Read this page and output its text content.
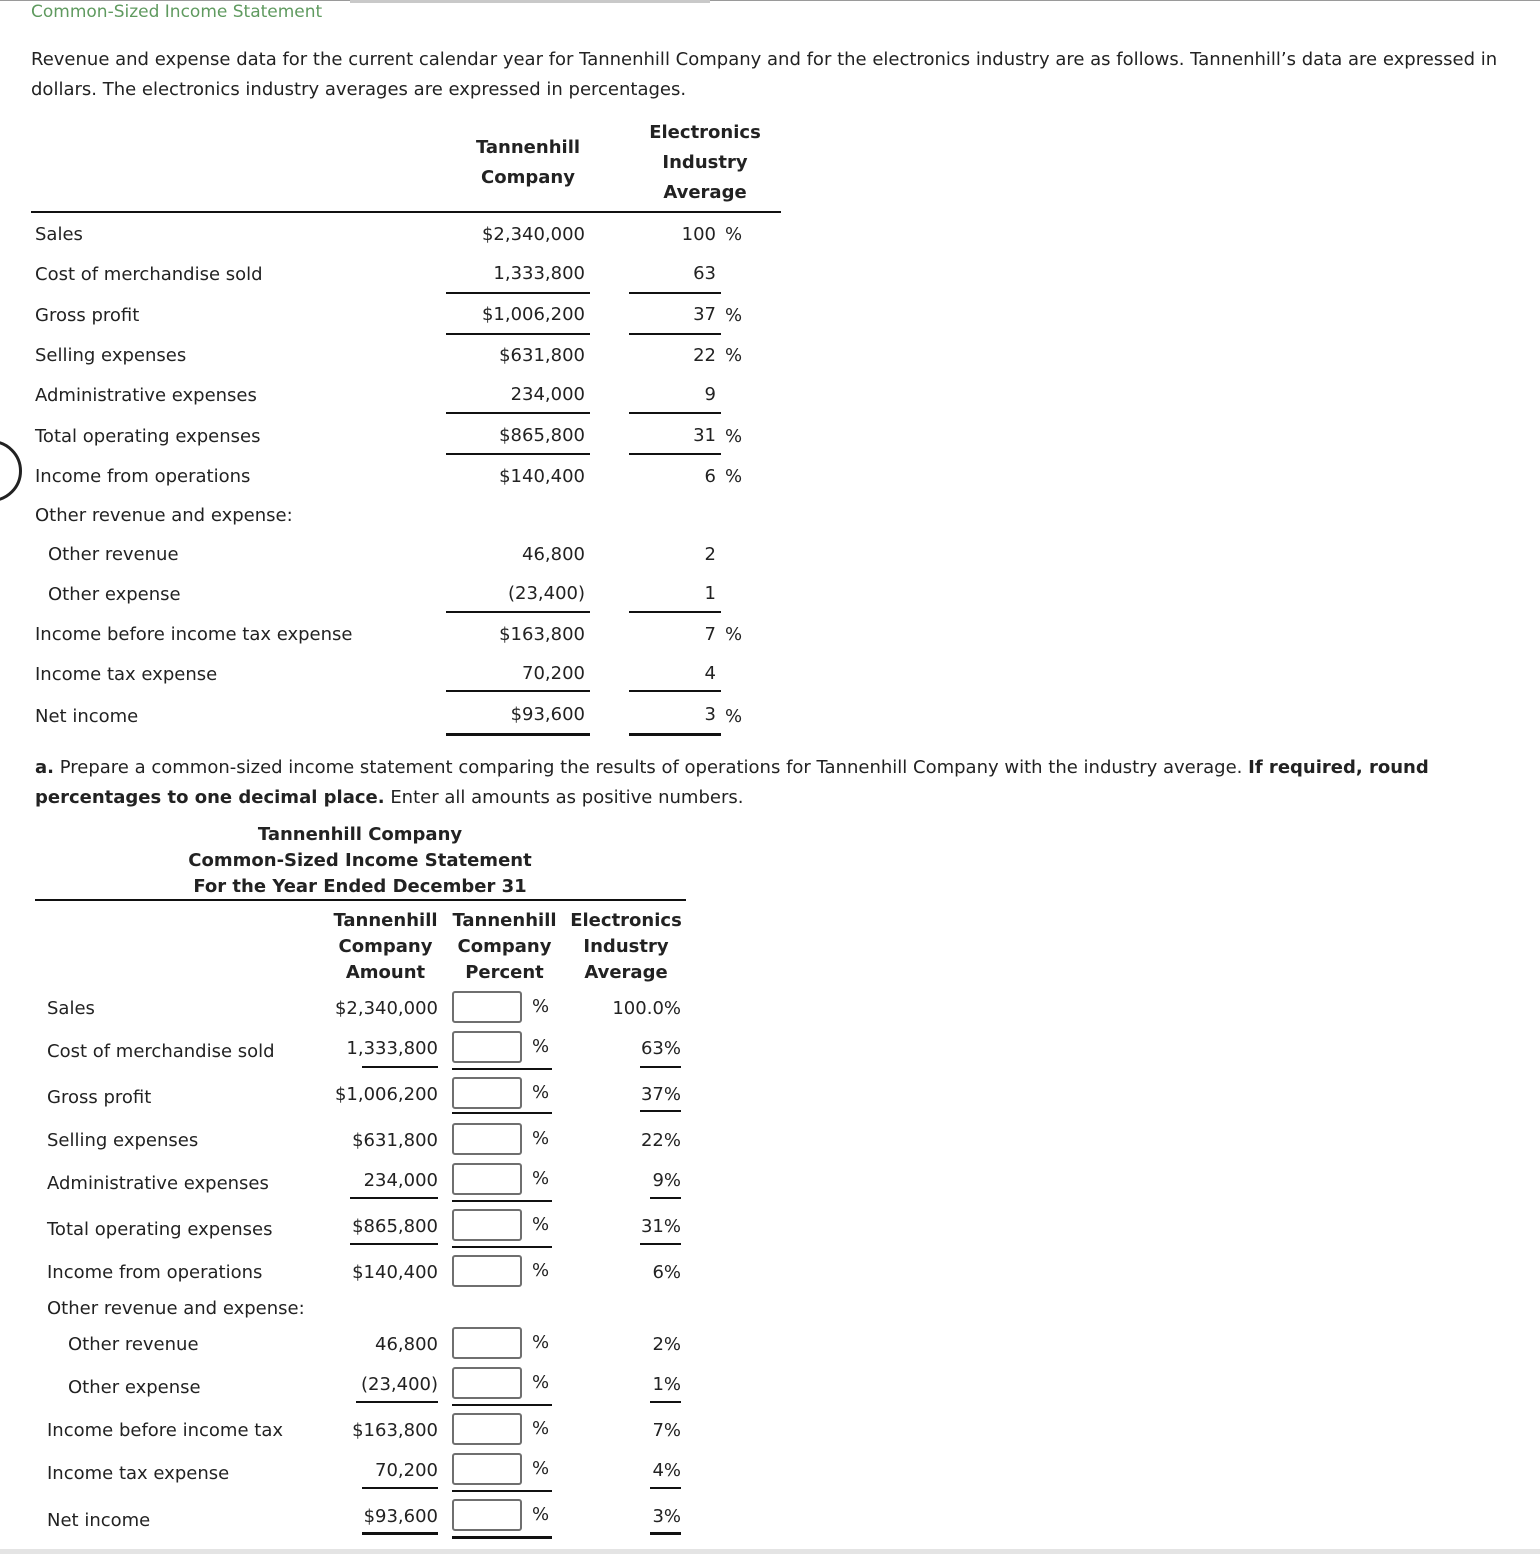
Common-Sized Income Statement
Revenue and expense data for the current calendar year for Tannenhill Company and for the electronics industry are as follows. Tannenhill’s data are expressed in dollars. The electronics industry averages are expressed in percentages.
Tannenhill
Company
Electronics
Industry
Average
Sales	$2,340,000	100 %
Cost of merchandise sold	1,333,800	63
Gross profit	$1,006,200	37 %
Selling expenses	$631,800	22 %
Administrative expenses	234,000	9
Total operating expenses	$865,800	31 %
Income from operations	$140,400	6 %
Other revenue and expense:
Other revenue	46,800	2
Other expense	(23,400)	1
Income before income tax expense	$163,800	7 %
Income tax expense	70,200	4
Net income	$93,600	3 %
a. Prepare a common-sized income statement comparing the results of operations for Tannenhill Company with the industry average. If required, round percentages to one decimal place. Enter all amounts as positive numbers.
Tannenhill Company
Common-Sized Income Statement
For the Year Ended December 31
Tannenhill
Company
Amount
Tannenhill
Company
Percent
Electronics
Industry
Average
Sales	$2,340,000	%	100.0%
Cost of merchandise sold	1,333,800	%	63%
Gross profit	$1,006,200	%	37%
Selling expenses	$631,800	%	22%
Administrative expenses	234,000	%	9%
Total operating expenses	$865,800	%	31%
Income from operations	$140,400	%	6%
Other revenue and expense:
Other revenue	46,800	%	2%
Other expense	(23,400)	%	1%
Income before income tax	$163,800	%	7%
Income tax expense	70,200	%	4%
Net income	$93,600	%	3%
